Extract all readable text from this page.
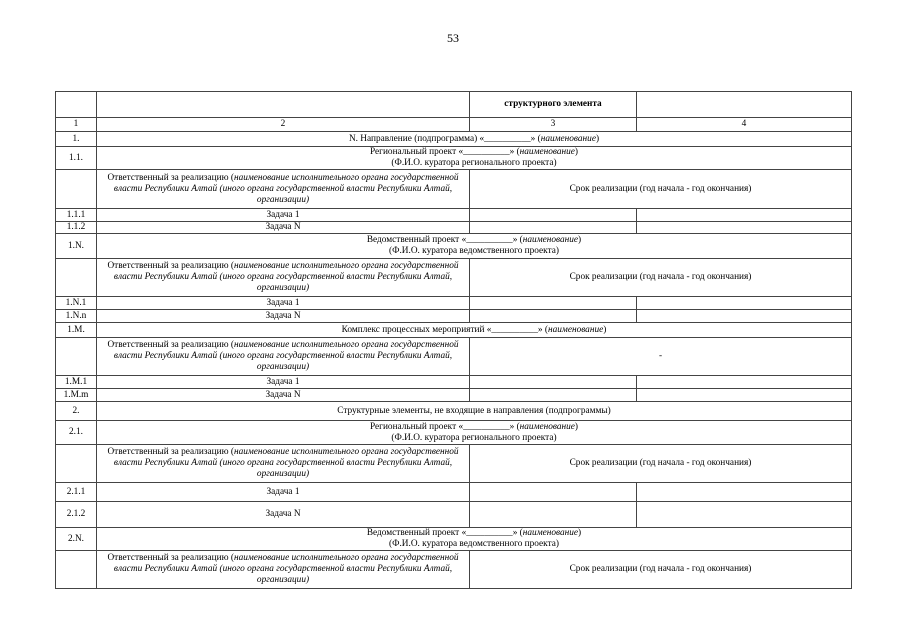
53
		структурного элемента	
1	2	3	4
1.	N. Направление (подпрограмма) «__________» (наименование)		
1.1.	Региональный проект «__________» (наименование)
(Ф.И.О. куратора регионального проекта)		

	Ответственный за реализацию (наименование исполнительного органа государственной власти Республики Алтай (иного органа государственной власти Республики Алтай, организации)	Срок реализации (год начала - год окончания)	
1.1.1	Задача 1		
1.1.2	Задача N		
1.N.	Ведомственный проект «__________» (наименование)
(Ф.И.О. куратора ведомственного проекта)		

	Ответственный за реализацию (наименование исполнительного органа государственной власти Республики Алтай (иного органа государственной власти Республики Алтай, организации)	Срок реализации (год начала - год окончания)	
1.N.1	Задача 1		
1.N.n	Задача N		
1.M.	Комплекс процессных мероприятий «__________» (наименование)		
	Ответственный за реализацию (наименование исполнительного органа государственной власти Республики Алтай (иного органа государственной власти Республики Алтай, организации)	-	
1.M.1	Задача 1		
1.M.m	Задача N		
2.	Структурные элементы, не входящие в направления (подпрограммы)		
2.1.	Региональный проект «__________» (наименование)
(Ф.И.О. куратора регионального проекта)		

	Ответственный за реализацию (наименование исполнительного органа государственной власти Республики Алтай (иного органа государственной власти Республики Алтай, организации)	Срок реализации (год начала - год окончания)	
2.1.1	Задача 1		
2.1.2	Задача N		
2.N.	Ведомственный проект «__________» (наименование)
(Ф.И.О. куратора ведомственного проекта)		

	Ответственный за реализацию (наименование исполнительного органа государственной власти Республики Алтай (иного органа государственной власти Республики Алтай, организации)	Срок реализации (год начала - год окончания)	
